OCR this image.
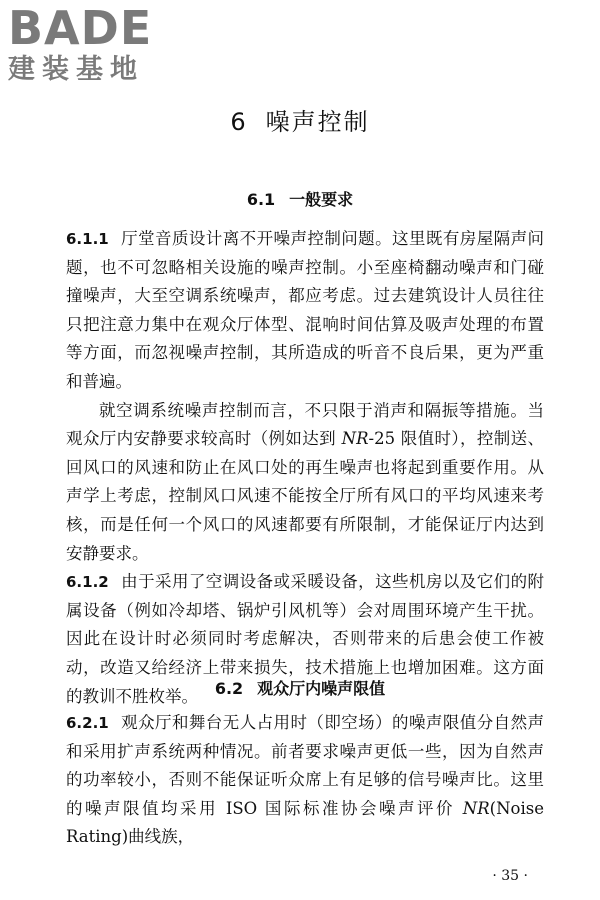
BADE
建装基地
6 噪声控制
6.1 一般要求

6.1.1 厅堂音质设计离不开噪声控制问题。这里既有房屋隔声问题，也不可忽略相关设施的噪声控制。小至座椅翻动噪声和门碰撞噪声，大至空调系统噪声，都应考虑。过去建筑设计人员往往只把注意力集中在观众厅体型、混响时间估算及吸声处理的布置等方面，而忽视噪声控制，其所造成的听音不良后果，更为严重和普遍。

就空调系统噪声控制而言，不只限于消声和隔振等措施。当观众厅内安静要求较高时（例如达到 NR-25 限值时），控制送、回风口的风速和防止在风口处的再生噪声也将起到重要作用。从声学上考虑，控制风口风速不能按全厅所有风口的平均风速来考核，而是任何一个风口的风速都要有所限制，才能保证厅内达到安静要求。

6.1.2 由于采用了空调设备或采暖设备，这些机房以及它们的附属设备（例如冷却塔、锅炉引风机等）会对周围环境产生干扰。因此在设计时必须同时考虑解决，否则带来的后患会使工作被动，改造又给经济上带来损失，技术措施上也增加困难。这方面的教训不胜枚举。	6.2 观众厅内噪声限值

6.2.1 观众厅和舞台无人占用时（即空场）的噪声限值分自然声和采用扩声系统两种情况。前者要求噪声更低一些，因为自然声的功率较小，否则不能保证听众席上有足够的信号噪声比。这里的噪声限值均采用 ISO 国际标准协会噪声评价 NR(Noise Rating)曲线族，

· 35 ·
